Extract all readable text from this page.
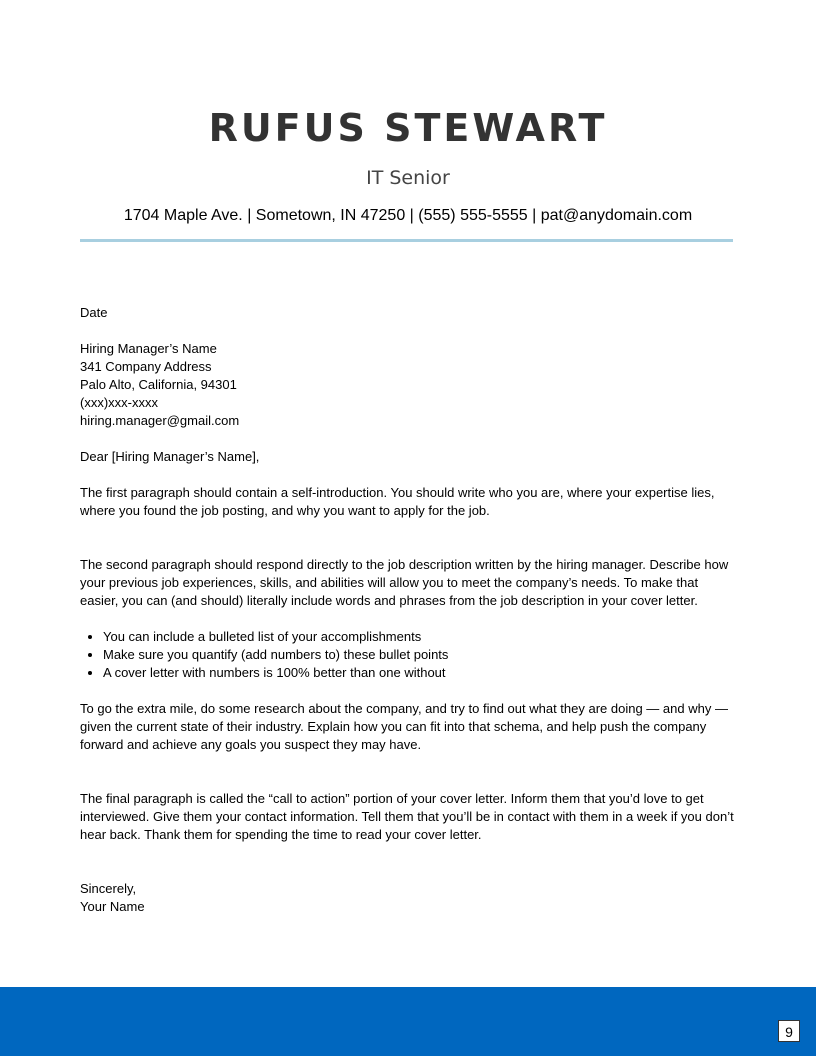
RUFUS STEWART
IT Senior
1704 Maple Ave. | Sometown, IN 47250 | (555) 555-5555 | pat@anydomain.com

Date

Hiring Manager’s Name

341 Company Address

Palo Alto, California, 94301

(xxx)xxx-xxxx

hiring.manager@gmail.com

Dear [Hiring Manager’s Name],

The first paragraph should contain a self-introduction. You should write who you are, where your expertise lies, where you found the job posting, and why you want to apply for the job.

The second paragraph should respond directly to the job description written by the hiring manager. Describe how your previous job experiences, skills, and abilities will allow you to meet the company’s needs. To make that easier, you can (and should) literally include words and phrases from the job description in your cover letter.

• You can include a bulleted list of your accomplishments
• Make sure you quantify (add numbers to) these bullet points
• A cover letter with numbers is 100% better than one without

To go the extra mile, do some research about the company, and try to find out what they are doing — and why — given the current state of their industry. Explain how you can fit into that schema, and help push the company forward and achieve any goals you suspect they may have.

The final paragraph is called the “call to action” portion of your cover letter. Inform them that you’d love to get interviewed. Give them your contact information. Tell them that you’ll be in contact with them in a week if you don’t hear back. Thank them for spending the time to read your cover letter.

Sincerely,

Your Name

9
